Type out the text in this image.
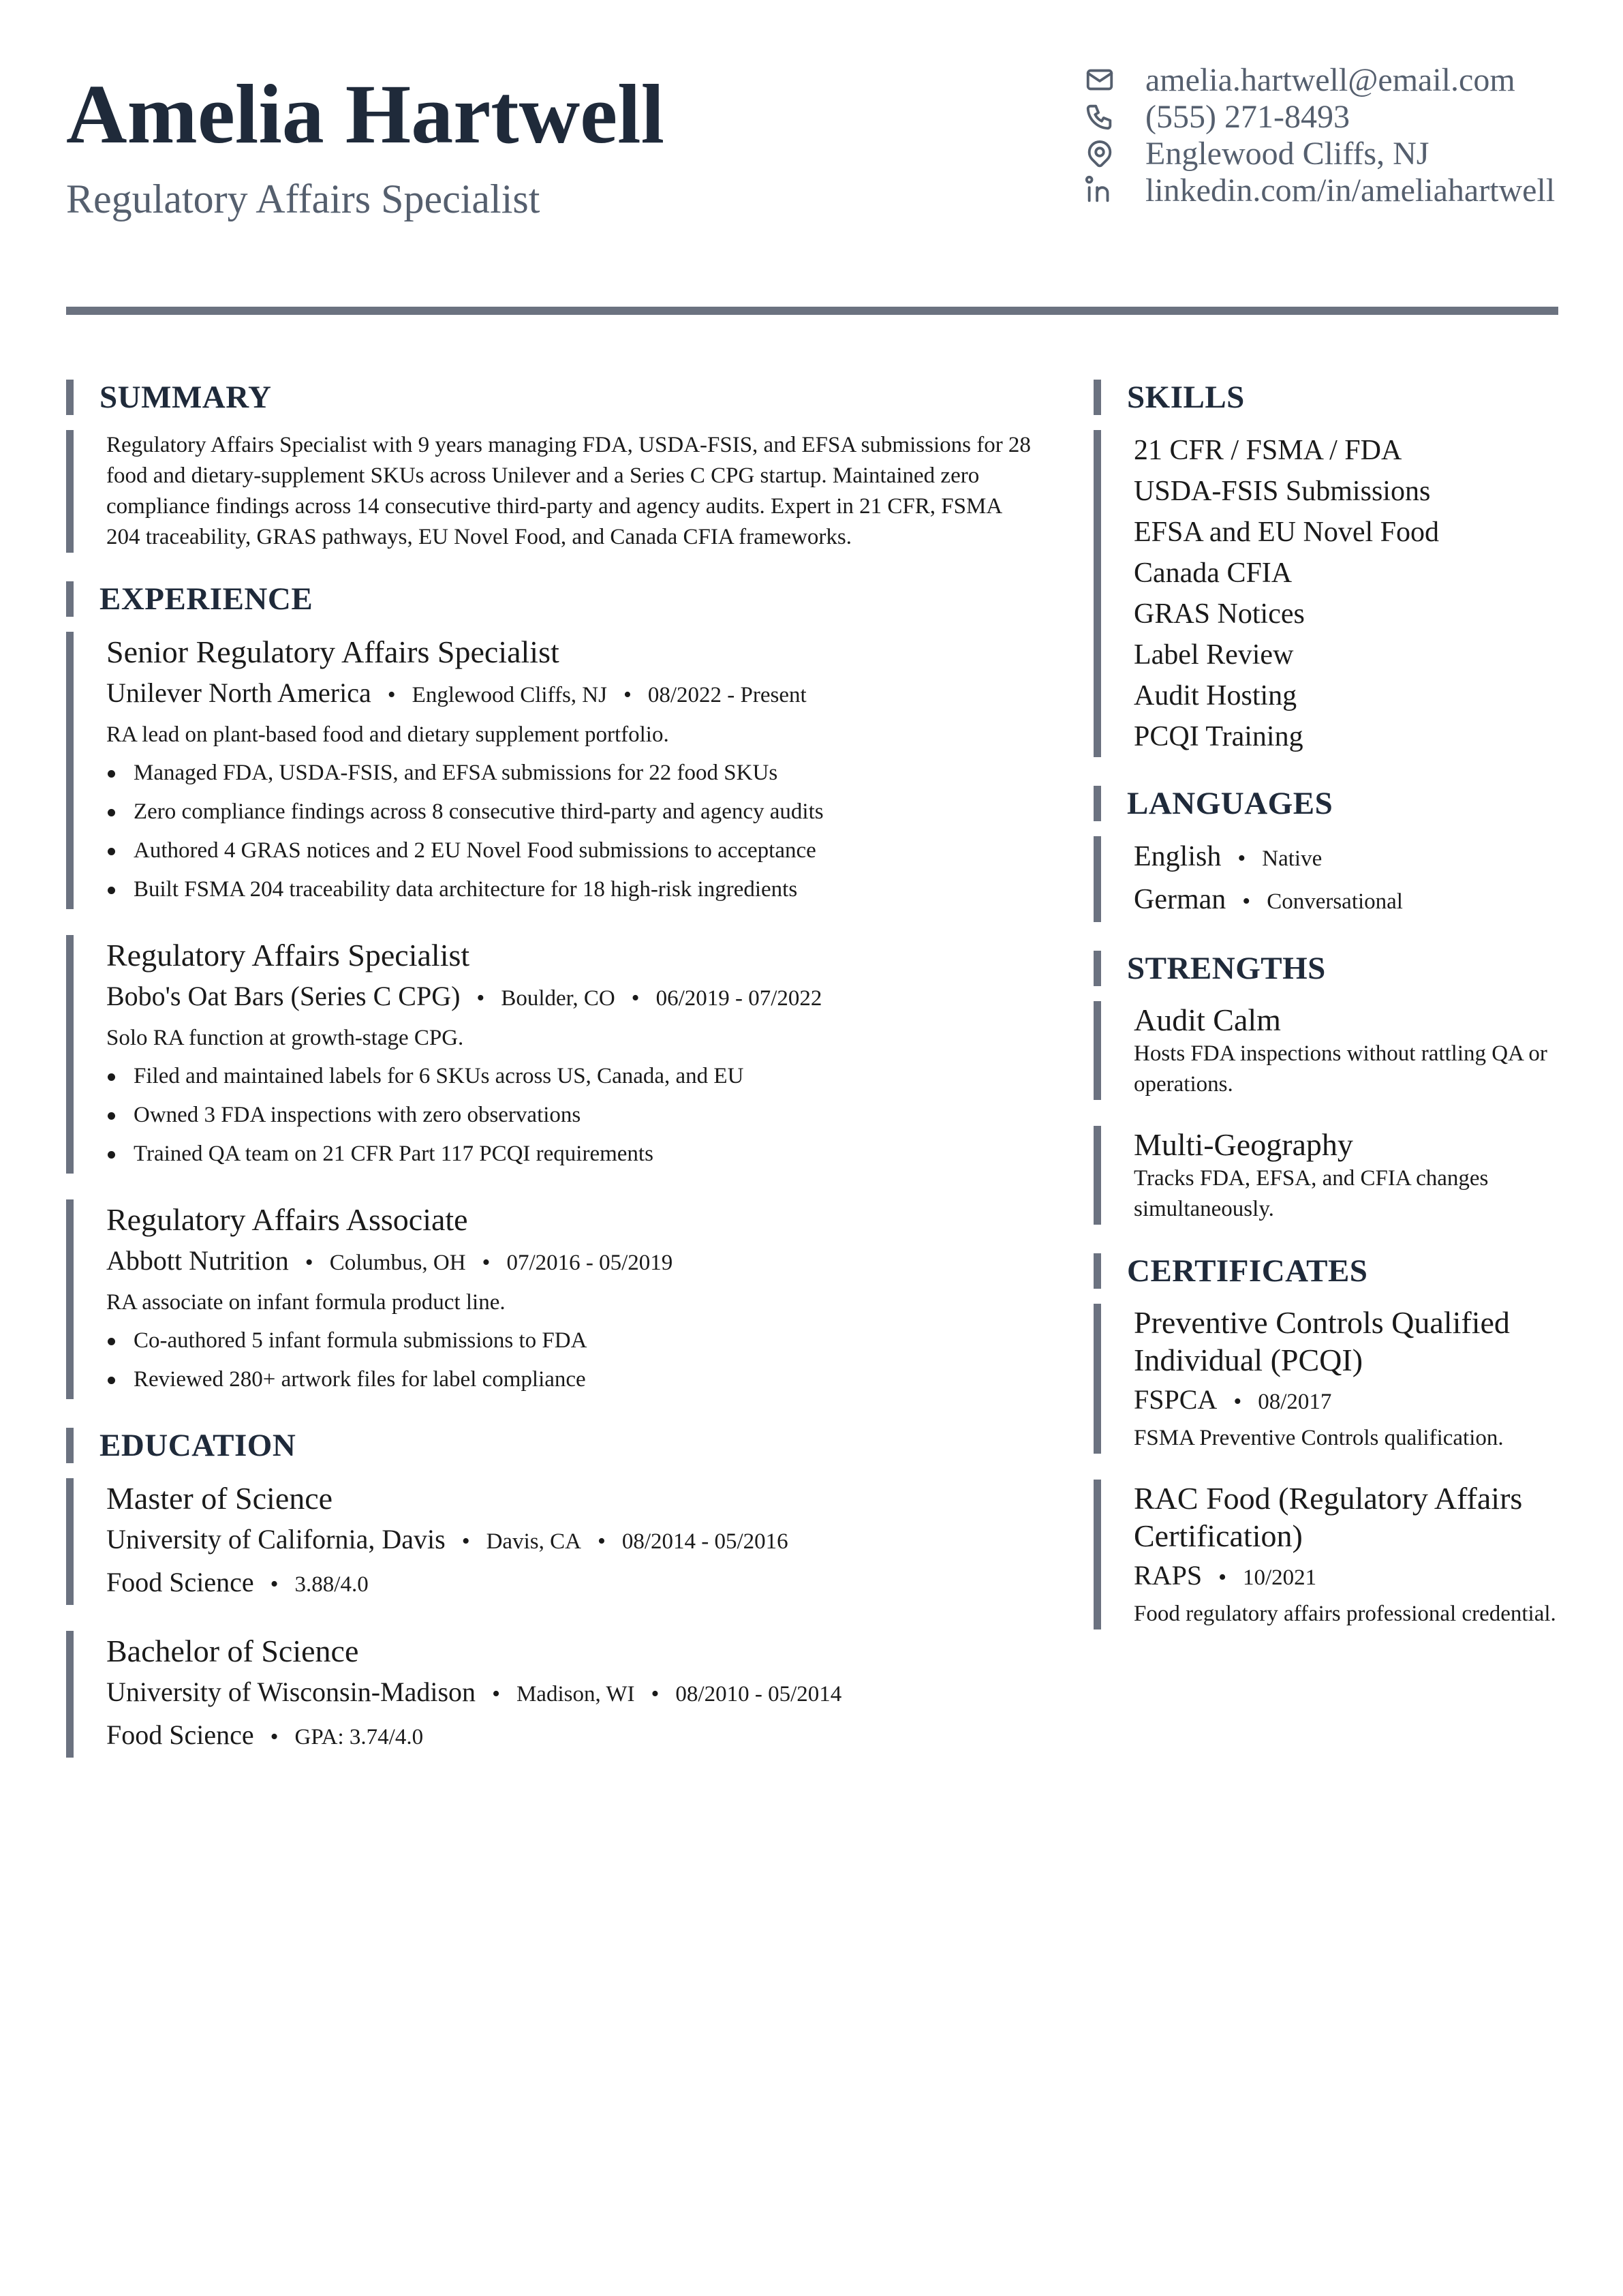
Amelia Hartwell
Regulatory Affairs Specialist
amelia.hartwell@email.com
(555) 271-8493
Englewood Cliffs, NJ
linkedin.com/in/ameliahartwell
SUMMARY
Regulatory Affairs Specialist with 9 years managing FDA, USDA-FSIS, and EFSA submissions for 28 food and dietary-supplement SKUs across Unilever and a Series C CPG startup. Maintained zero compliance findings across 14 consecutive third-party and agency audits. Expert in 21 CFR, FSMA 204 traceability, GRAS pathways, EU Novel Food, and Canada CFIA frameworks.
EXPERIENCE
Senior Regulatory Affairs Specialist
Unilever North America • Englewood Cliffs, NJ • 08/2022 - Present
RA lead on plant-based food and dietary supplement portfolio.
Managed FDA, USDA-FSIS, and EFSA submissions for 22 food SKUs
Zero compliance findings across 8 consecutive third-party and agency audits
Authored 4 GRAS notices and 2 EU Novel Food submissions to acceptance
Built FSMA 204 traceability data architecture for 18 high-risk ingredients
Regulatory Affairs Specialist
Bobo's Oat Bars (Series C CPG) • Boulder, CO • 06/2019 - 07/2022
Solo RA function at growth-stage CPG.
Filed and maintained labels for 6 SKUs across US, Canada, and EU
Owned 3 FDA inspections with zero observations
Trained QA team on 21 CFR Part 117 PCQI requirements
Regulatory Affairs Associate
Abbott Nutrition • Columbus, OH • 07/2016 - 05/2019
RA associate on infant formula product line.
Co-authored 5 infant formula submissions to FDA
Reviewed 280+ artwork files for label compliance
EDUCATION
Master of Science
University of California, Davis • Davis, CA • 08/2014 - 05/2016
Food Science • 3.88/4.0
Bachelor of Science
University of Wisconsin-Madison • Madison, WI • 08/2010 - 05/2014
Food Science • GPA: 3.74/4.0
SKILLS
21 CFR / FSMA / FDA
USDA-FSIS Submissions
EFSA and EU Novel Food
Canada CFIA
GRAS Notices
Label Review
Audit Hosting
PCQI Training
LANGUAGES
English • Native
German • Conversational
STRENGTHS
Audit Calm
Hosts FDA inspections without rattling QA or operations.
Multi-Geography
Tracks FDA, EFSA, and CFIA changes simultaneously.
CERTIFICATES
Preventive Controls Qualified Individual (PCQI)
FSPCA • 08/2017
FSMA Preventive Controls qualification.
RAC Food (Regulatory Affairs Certification)
RAPS • 10/2021
Food regulatory affairs professional credential.
